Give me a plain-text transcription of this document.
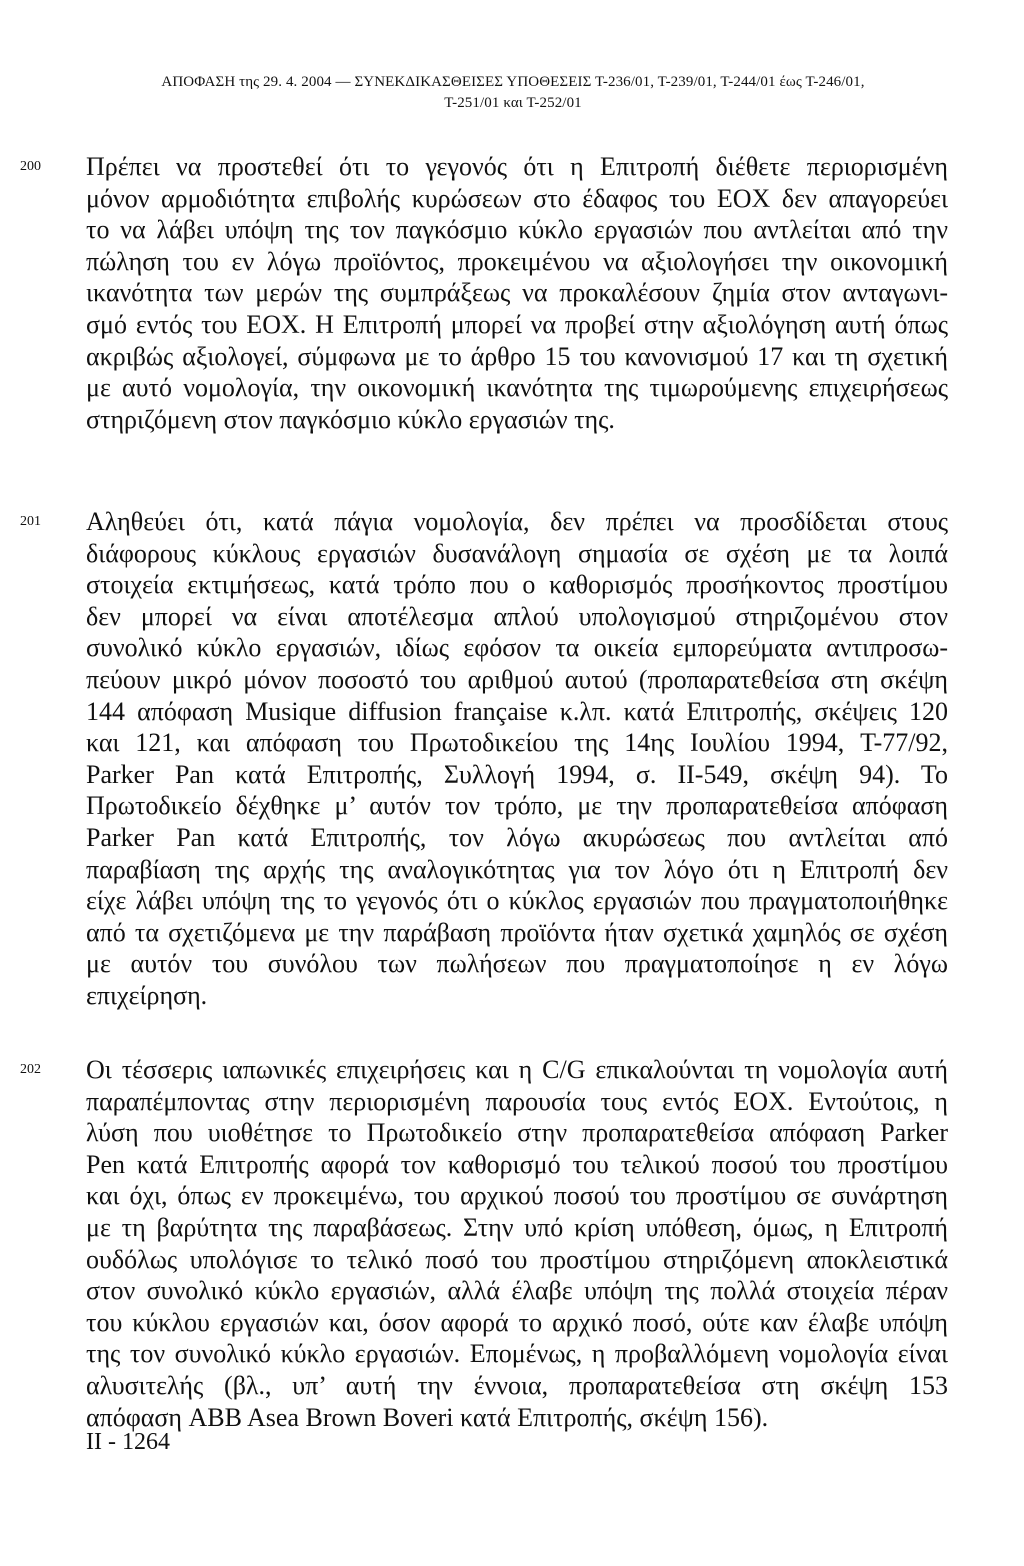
ΑΠΟΦΑΣΗ της 29. 4. 2004 — ΣΥΝΕΚΔΙΚΑΣΘΕΙΣΕΣ ΥΠΟΘΕΣΕΙΣ Τ-236/01, Τ-239/01, Τ-244/01 έως Τ-246/01,
Τ-251/01 και Τ-252/01
200	Πρέπει να προστεθεί ότι το γεγονός ότι η Επιτροπή διέθετε περιορισμένη
μόνον αρμοδιότητα επιβολής κυρώσεων στο έδαφος του ΕΟΧ δεν απαγορεύει
το να λάβει υπόψη της τον παγκόσμιο κύκλο εργασιών που αντλείται από την
πώληση του εν λόγω προϊόντος, προκειμένου να αξιολογήσει την οικονομική
ικανότητα των μερών της συμπράξεως να προκαλέσουν ζημία στον ανταγωνι-
σμό εντός του ΕΟΧ. Η Επιτροπή μπορεί να προβεί στην αξιολόγηση αυτή όπως
ακριβώς αξιολογεί, σύμφωνα με το άρθρο 15 του κανονισμού 17 και τη σχετική
με αυτό νομολογία, την οικονομική ικανότητα της τιμωρούμενης επιχειρήσεως
στηριζόμενη στον παγκόσμιο κύκλο εργασιών της.
201	Αληθεύει ότι, κατά πάγια νομολογία, δεν πρέπει να προσδίδεται στους
διάφορους κύκλους εργασιών δυσανάλογη σημασία σε σχέση με τα λοιπά
στοιχεία εκτιμήσεως, κατά τρόπο που ο καθορισμός προσήκοντος προστίμου
δεν μπορεί να είναι αποτέλεσμα απλού υπολογισμού στηριζομένου στον
συνολικό κύκλο εργασιών, ιδίως εφόσον τα οικεία εμπορεύματα αντιπροσω-
πεύουν μικρό μόνον ποσοστό του αριθμού αυτού (προπαρατεθείσα στη σκέψη
144 απόφαση Musique diffusion française κ.λπ. κατά Επιτροπής, σκέψεις 120
και 121, και απόφαση του Πρωτοδικείου της 14ης Ιουλίου 1994, T-77/92,
Parker Pan κατά Επιτροπής, Συλλογή 1994, σ. II-549, σκέψη 94). Το
Πρωτοδικείο δέχθηκε μ’ αυτόν τον τρόπο, με την προπαρατεθείσα απόφαση
Parker Pan κατά Επιτροπής, τον λόγω ακυρώσεως που αντλείται από
παραβίαση της αρχής της αναλογικότητας για τον λόγο ότι η Επιτροπή δεν
είχε λάβει υπόψη της το γεγονός ότι ο κύκλος εργασιών που πραγματοποιήθηκε
από τα σχετιζόμενα με την παράβαση προϊόντα ήταν σχετικά χαμηλός σε σχέση
με αυτόν του συνόλου των πωλήσεων που πραγματοποίησε η εν λόγω
επιχείρηση.
202	Οι τέσσερις ιαπωνικές επιχειρήσεις και η C/G επικαλούνται τη νομολογία αυτή
παραπέμποντας στην περιορισμένη παρουσία τους εντός ΕΟΧ. Εντούτοις, η
λύση που υιοθέτησε το Πρωτοδικείο στην προπαρατεθείσα απόφαση Parker
Pen κατά Επιτροπής αφορά τον καθορισμό του τελικού ποσού του προστίμου
και όχι, όπως εν προκειμένω, του αρχικού ποσού του προστίμου σε συνάρτηση
με τη βαρύτητα της παραβάσεως. Στην υπό κρίση υπόθεση, όμως, η Επιτροπή
ουδόλως υπολόγισε το τελικό ποσό του προστίμου στηριζόμενη αποκλειστικά
στον συνολικό κύκλο εργασιών, αλλά έλαβε υπόψη της πολλά στοιχεία πέραν
του κύκλου εργασιών και, όσον αφορά το αρχικό ποσό, ούτε καν έλαβε υπόψη
της τον συνολικό κύκλο εργασιών. Επομένως, η προβαλλόμενη νομολογία είναι
αλυσιτελής (βλ., υπ’ αυτή την έννοια, προπαρατεθείσα στη σκέψη 153
απόφαση ABB Asea Brown Boveri κατά Επιτροπής, σκέψη 156).
II - 1264
